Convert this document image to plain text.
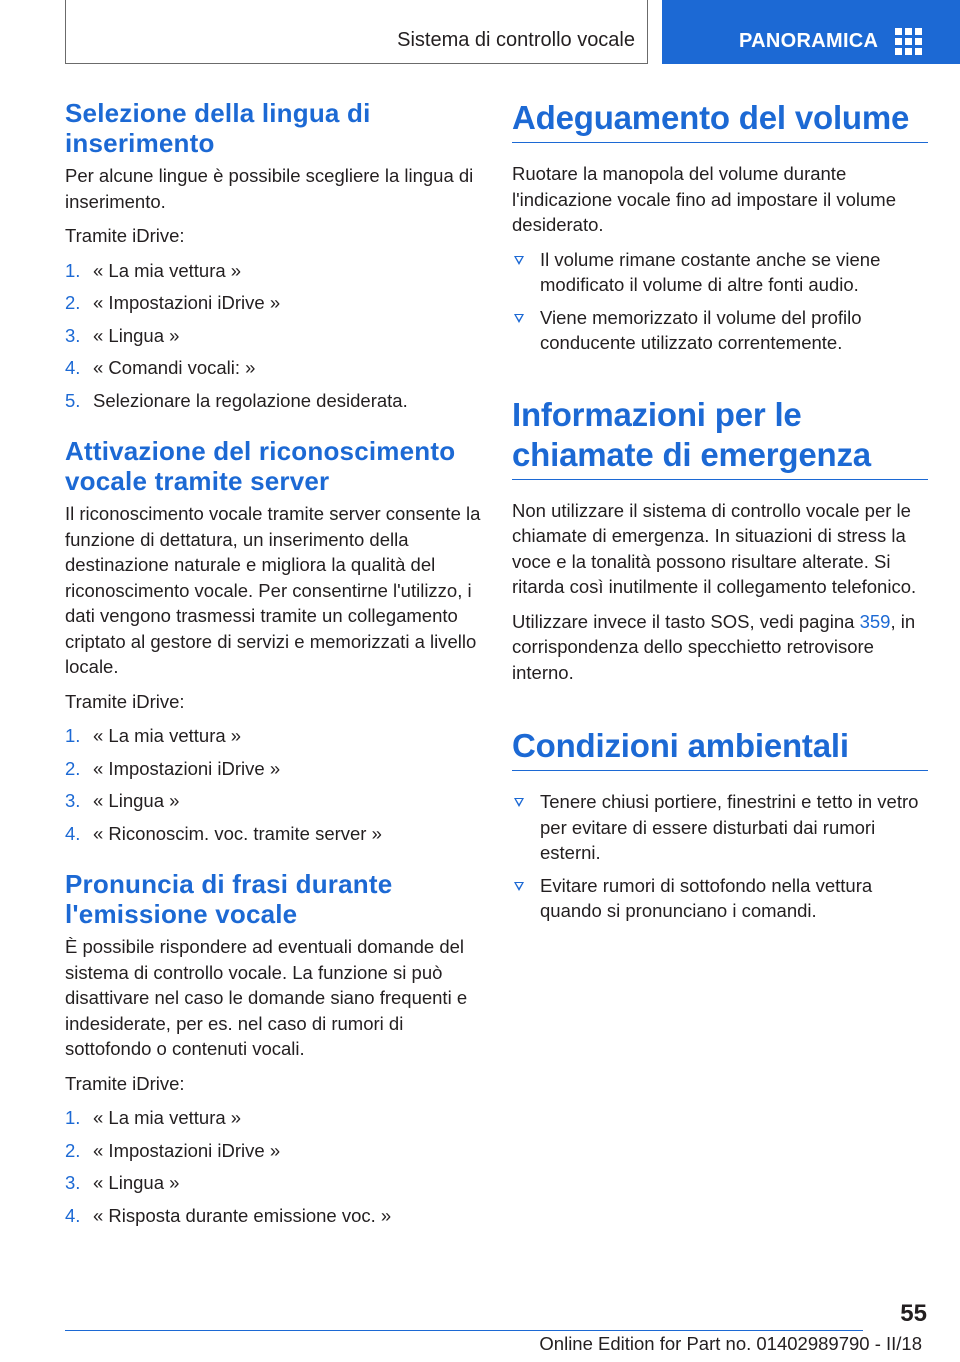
Sistema di controllo vocale	PANORAMICA
Selezione della lingua di inserimento

Per alcune lingue è possibile scegliere la lingua di inserimento.

Tramite iDrive:

1. « La mia vettura »
2. « Impostazioni iDrive »
3. « Lingua »
4. « Comandi vocali: »
5. Selezionare la regolazione desiderata.
Attivazione del riconoscimento vocale tramite server

Il riconoscimento vocale tramite server consente la funzione di dettatura, un inserimento della destinazione naturale e migliora la qualità del riconoscimento vocale. Per consentirne l'utilizzo, i dati vengono trasmessi tramite un collegamento criptato al gestore di servizi e memorizzati a livello locale.

Tramite iDrive:

1. « La mia vettura »
2. « Impostazioni iDrive »
3. « Lingua »
4. « Riconoscim. voc. tramite server »
Pronuncia di frasi durante l'emissione vocale

È possibile rispondere ad eventuali domande del sistema di controllo vocale. La funzione si può disattivare nel caso le domande siano frequenti e indesiderate, per es. nel caso di rumori di sottofondo o contenuti vocali.

Tramite iDrive:

1. « La mia vettura »
2. « Impostazioni iDrive »
3. « Lingua »
4. « Risposta durante emissione voc. »
Adeguamento del volume

Ruotare la manopola del volume durante l'indicazione vocale fino ad impostare il volume desiderato.

Il volume rimane costante anche se viene modificato il volume di altre fonti audio.
Viene memorizzato il volume del profilo conducente utilizzato correntemente.
Informazioni per le chiamate di emergenza

Non utilizzare il sistema di controllo vocale per le chiamate di emergenza. In situazioni di stress la voce e la tonalità possono risultare alterate. Si ritarda così inutilmente il collegamento telefonico.

Utilizzare invece il tasto SOS, vedi pagina 359, in corrispondenza dello specchietto retrovisore interno.

Condizioni ambientali
Tenere chiusi portiere, finestrini e tetto in vetro per evitare di essere disturbati dai rumori esterni.
Evitare rumori di sottofondo nella vettura quando si pronunciano i comandi.
55
Online Edition for Part no. 01402989790 - II/18
